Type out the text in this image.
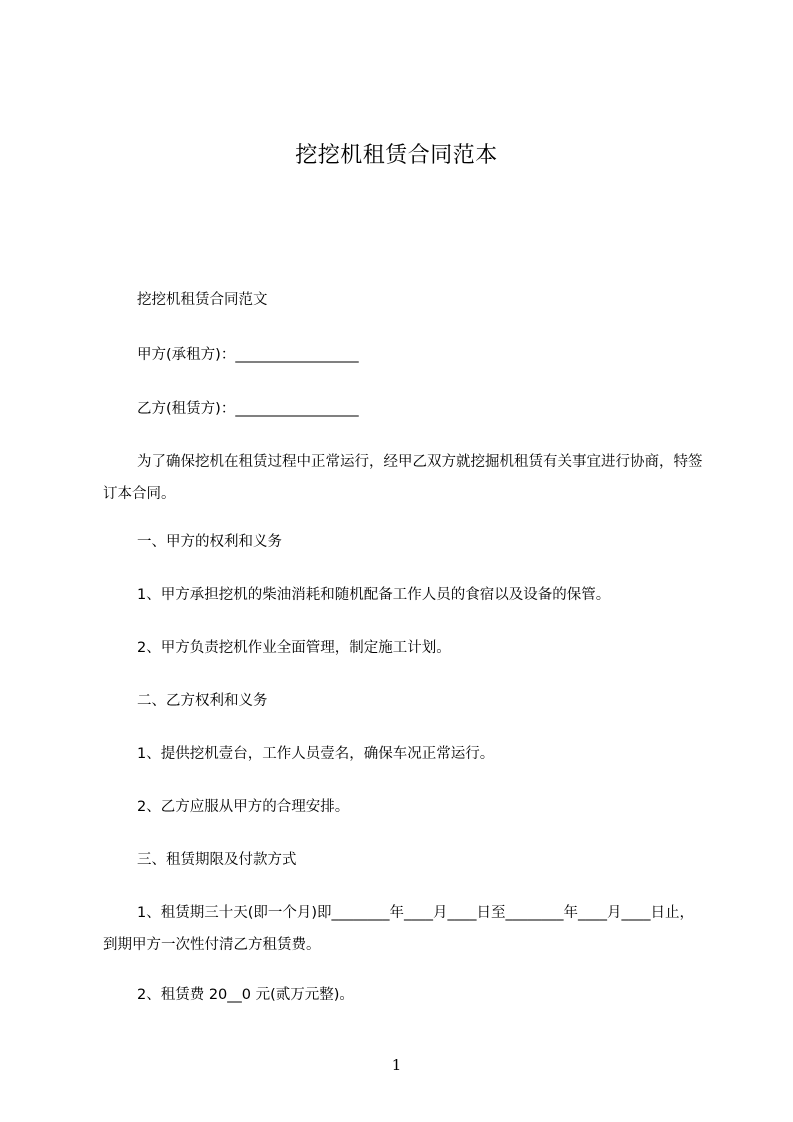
挖挖机租赁合同范本
挖挖机租赁合同范文
甲方(承租方)：_________________
乙方(租赁方)：_________________
为了确保挖机在租赁过程中正常运行，经甲乙双方就挖掘机租赁有关事宜进行协商，特签订本合同。
一、甲方的权利和义务
1、甲方承担挖机的柴油消耗和随机配备工作人员的食宿以及设备的保管。
2、甲方负责挖机作业全面管理，制定施工计划。
二、乙方权利和义务
1、提供挖机壹台，工作人员壹名，确保车况正常运行。
2、乙方应服从甲方的合理安排。
三、租赁期限及付款方式
1、租赁期三十天(即一个月)即________年____月____日至________年____月____日止，到期甲方一次性付清乙方租赁费。
2、租赁费 20__0 元(贰万元整)。
1
